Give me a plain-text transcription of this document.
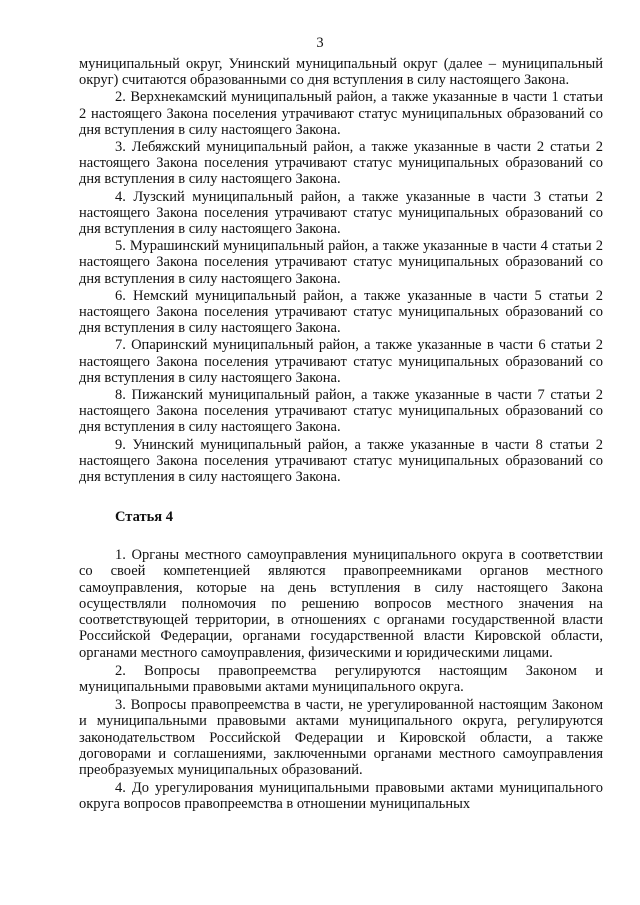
3

муниципальный округ, Унинский муниципальный округ (далее – муниципальный округ) считаются образованными со дня вступления в силу настоящего Закона.

2. Верхнекамский муниципальный район, а также указанные в части 1 статьи 2 настоящего Закона поселения утрачивают статус муниципальных образований со дня вступления в силу настоящего Закона.

3. Лебяжский муниципальный район, а также указанные в части 2 статьи 2 настоящего Закона поселения утрачивают статус муниципальных образований со дня вступления в силу настоящего Закона.

4. Лузский муниципальный район, а также указанные в части 3 статьи 2 настоящего Закона поселения утрачивают статус муниципальных образований со дня вступления в силу настоящего Закона.

5. Мурашинский муниципальный район, а также указанные в части 4 статьи 2 настоящего Закона поселения утрачивают статус муниципальных образований со дня вступления в силу настоящего Закона.

6. Немский муниципальный район, а также указанные в части 5 статьи 2 настоящего Закона поселения утрачивают статус муниципальных образований со дня вступления в силу настоящего Закона.

7. Опаринский муниципальный район, а также указанные в части 6 статьи 2 настоящего Закона поселения утрачивают статус муниципальных образований со дня вступления в силу настоящего Закона.

8. Пижанский муниципальный район, а также указанные в части 7 статьи 2 настоящего Закона поселения утрачивают статус муниципальных образований со дня вступления в силу настоящего Закона.

9. Унинский муниципальный район, а также указанные в части 8 статьи 2 настоящего Закона поселения утрачивают статус муниципальных образований со дня вступления в силу настоящего Закона.

Статья 4

1. Органы местного самоуправления муниципального округа в соответствии со своей компетенцией являются правопреемниками органов местного самоуправления, которые на день вступления в силу настоящего Закона осуществляли полномочия по решению вопросов местного значения на соответствующей территории, в отношениях с органами государственной власти Российской Федерации, органами государственной власти Кировской области, органами местного самоуправления, физическими и юридическими лицами.

2. Вопросы правопреемства регулируются настоящим Законом и муниципальными правовыми актами муниципального округа.

3. Вопросы правопреемства в части, не урегулированной настоящим Законом и муниципальными правовыми актами муниципального округа, регулируются законодательством Российской Федерации и Кировской области, а также договорами и соглашениями, заключенными органами местного самоуправления преобразуемых муниципальных образований.

4. До урегулирования муниципальными правовыми актами муниципального округа вопросов правопреемства в отношении муниципальных
